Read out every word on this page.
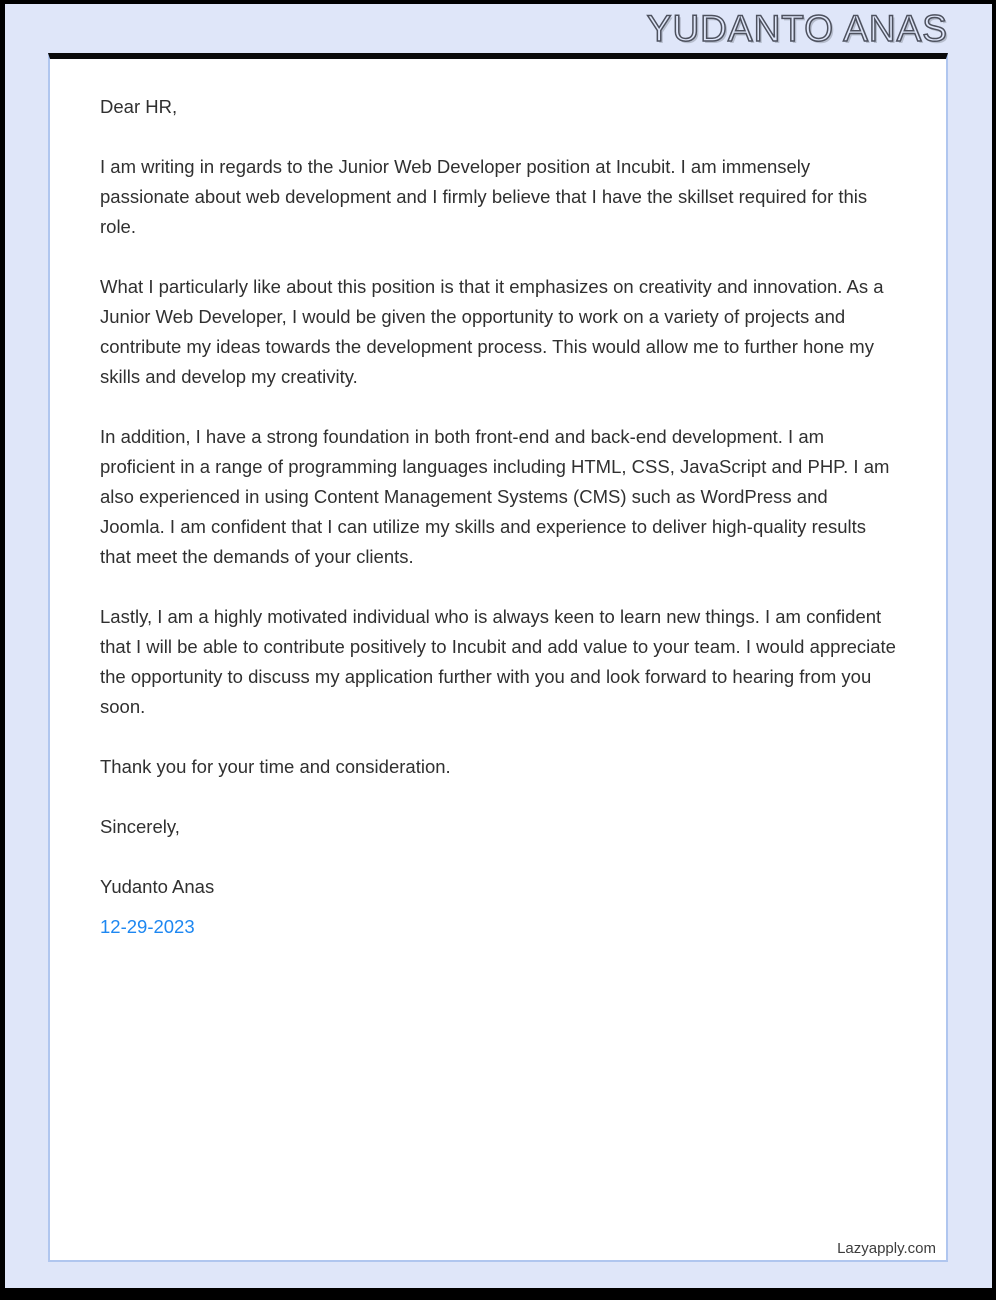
YUDANTO ANAS

Dear HR,

I am writing in regards to the Junior Web Developer position at Incubit. I am immensely passionate about web development and I firmly believe that I have the skillset required for this role.

What I particularly like about this position is that it emphasizes on creativity and innovation. As a Junior Web Developer, I would be given the opportunity to work on a variety of projects and contribute my ideas towards the development process. This would allow me to further hone my skills and develop my creativity.

In addition, I have a strong foundation in both front-end and back-end development. I am proficient in a range of programming languages including HTML, CSS, JavaScript and PHP. I am also experienced in using Content Management Systems (CMS) such as WordPress and Joomla. I am confident that I can utilize my skills and experience to deliver high-quality results that meet the demands of your clients.

Lastly, I am a highly motivated individual who is always keen to learn new things. I am confident that I will be able to contribute positively to Incubit and add value to your team. I would appreciate the opportunity to discuss my application further with you and look forward to hearing from you soon.

Thank you for your time and consideration.

Sincerely,

Yudanto Anas

12-29-2023

Lazyapply.com
